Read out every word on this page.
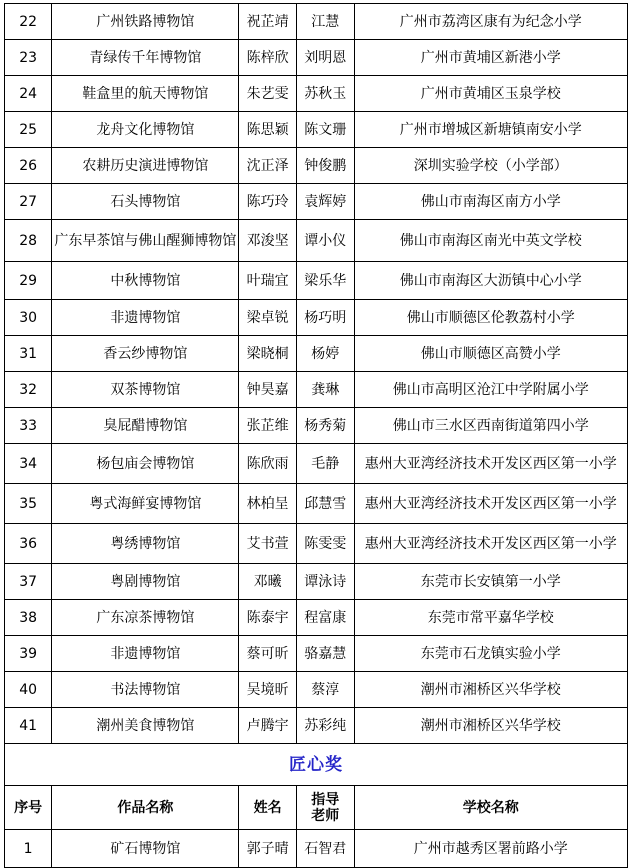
22	广州铁路博物馆	祝芷靖	江慧	广州市荔湾区康有为纪念小学
23	青绿传千年博物馆	陈梓欣	刘明恩	广州市黄埔区新港小学
24	鞋盒里的航天博物馆	朱艺雯	苏秋玉	广州市黄埔区玉泉学校
25	龙舟文化博物馆	陈思颖	陈文珊	广州市增城区新塘镇南安小学
26	农耕历史演进博物馆	沈正泽	钟俊鹏	深圳实验学校（小学部）
27	石头博物馆	陈巧玲	袁辉婷	佛山市南海区南方小学
28	广东早茶馆与佛山醒狮博物馆	邓浚坚	谭小仪	佛山市南海区南光中英文学校
29	中秋博物馆	叶瑞宜	梁乐华	佛山市南海区大沥镇中心小学
30	非遗博物馆	梁卓锐	杨巧明	佛山市顺德区伦教荔村小学
31	香云纱博物馆	梁晓桐	杨婷	佛山市顺德区高赞小学
32	双茶博物馆	钟昊嘉	龚琳	佛山市高明区沧江中学附属小学
33	臭屁醋博物馆	张芷维	杨秀菊	佛山市三水区西南街道第四小学
34	杨包庙会博物馆	陈欣雨	毛静	惠州大亚湾经济技术开发区西区第一小学
35	粤式海鲜宴博物馆	林柏呈	邱慧雪	惠州大亚湾经济技术开发区西区第一小学
36	粤绣博物馆	艾书萱	陈雯雯	惠州大亚湾经济技术开发区西区第一小学
37	粤剧博物馆	邓曦	谭泳诗	东莞市长安镇第一小学
38	广东凉茶博物馆	陈泰宇	程富康	东莞市常平嘉华学校
39	非遗博物馆	蔡可昕	骆嘉慧	东莞市石龙镇实验小学
40	书法博物馆	吴境昕	蔡淳	潮州市湘桥区兴华学校
41	潮州美食博物馆	卢腾宇	苏彩纯	潮州市湘桥区兴华学校
匠心奖				
序号	作品名称	姓名	指导老师	学校名称
1	矿石博物馆	郭子晴	石智君	广州市越秀区署前路小学
